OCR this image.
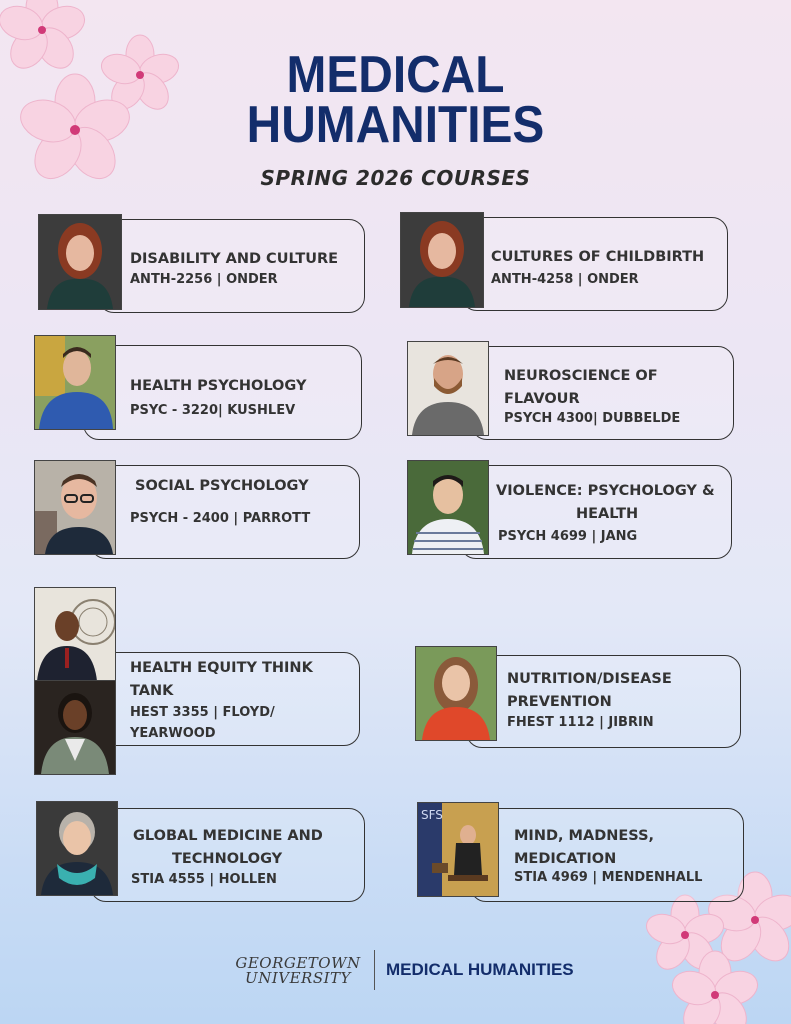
MEDICAL
HUMANITIES
SPRING 2026 COURSES
DISABILITY AND CULTURE
ANTH-2256 | ONDER
CULTURES OF CHILDBIRTH
ANTH-4258 | ONDER
HEALTH PSYCHOLOGY
PSYC - 3220| KUSHLEV
NEUROSCIENCE OF
FLAVOUR
PSYCH 4300| DUBBELDE
SOCIAL PSYCHOLOGY
PSYCH - 2400 | PARROTT
VIOLENCE: PSYCHOLOGY &
HEALTH
PSYCH 4699 | JANG
HEALTH EQUITY THINK
TANK
HEST 3355 | FLOYD/
YEARWOOD
NUTRITION/DISEASE
PREVENTION
FHEST 1112 | JIBRIN
GLOBAL MEDICINE AND
TECHNOLOGY
STIA 4555 | HOLLEN
MIND, MADNESS,
MEDICATION
STIA 4969 | MENDENHALL
SFS
GEORGETOWN
UNIVERSITY	MEDICAL HUMANITIES
